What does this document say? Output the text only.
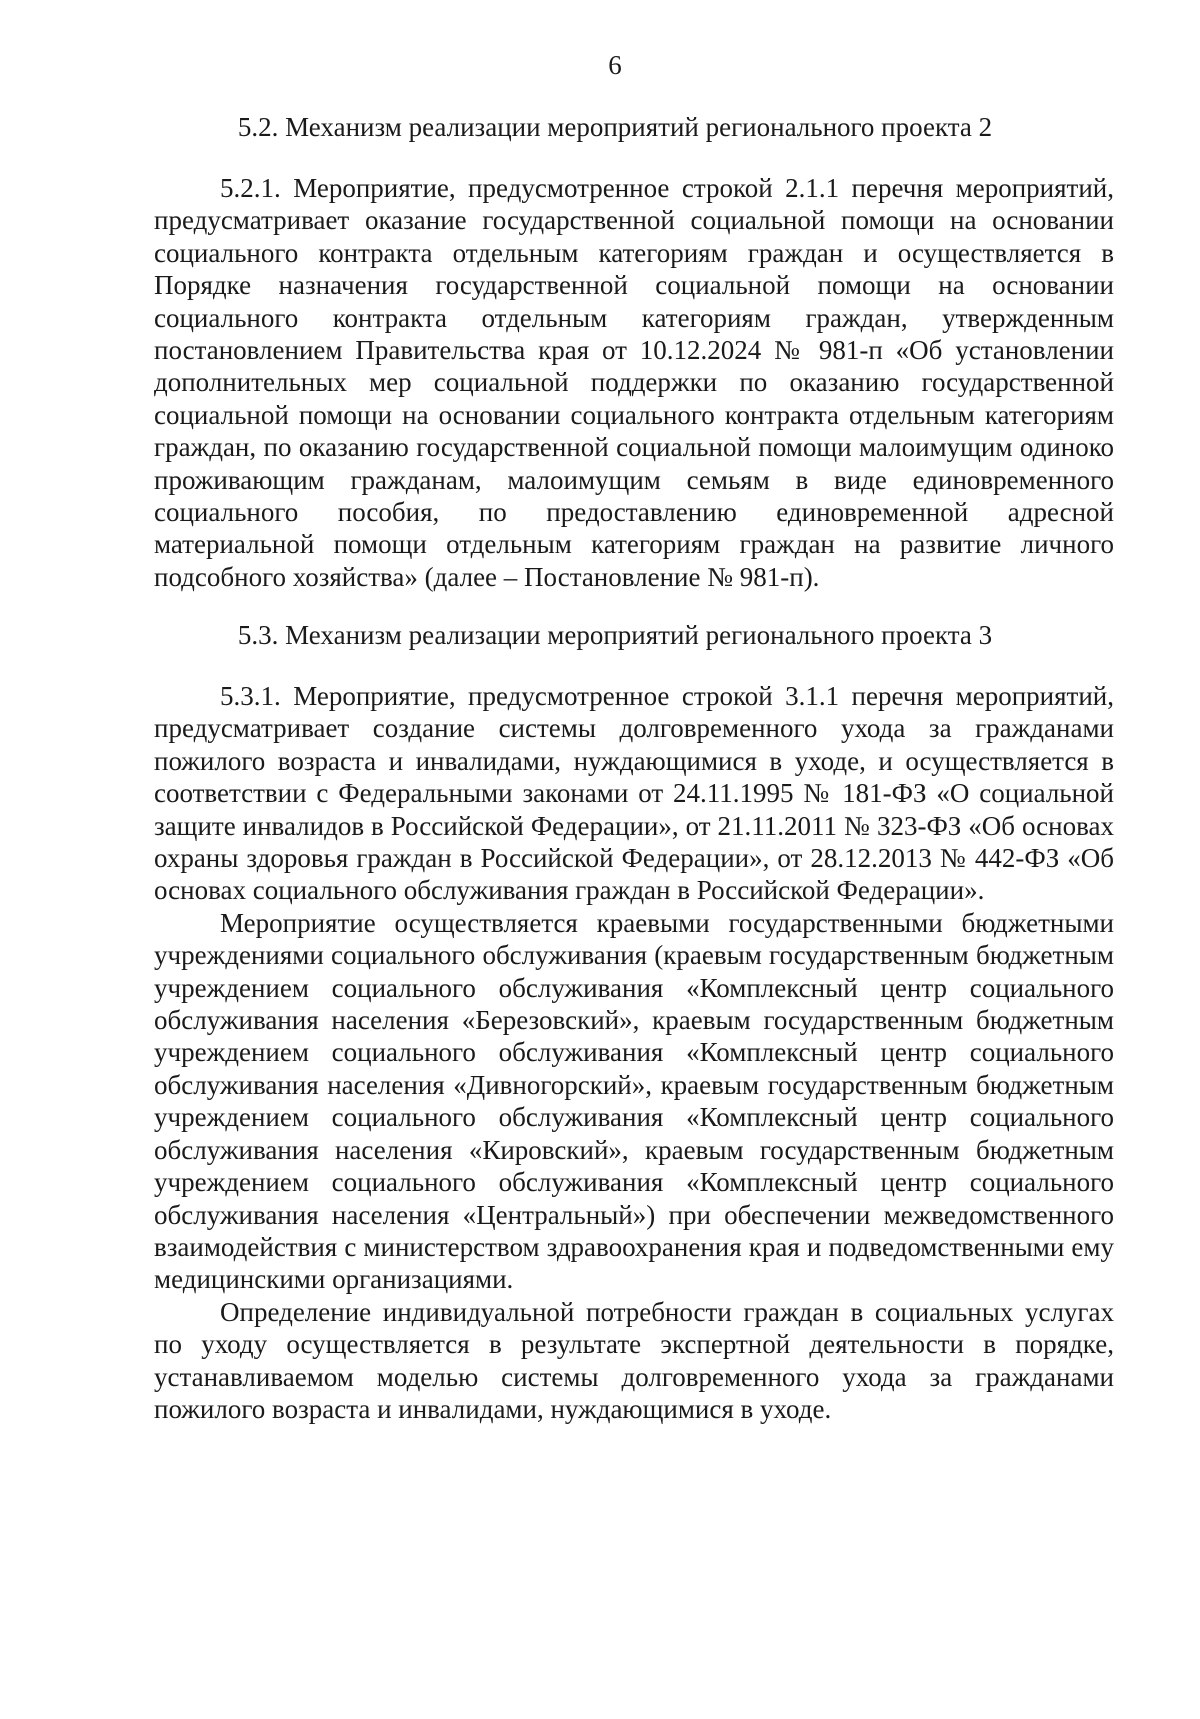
6
5.2. Механизм реализации мероприятий регионального проекта 2

5.2.1. Мероприятие, предусмотренное строкой 2.1.1 перечня мероприятий, предусматривает оказание государственной социальной помощи на основании социального контракта отдельным категориям граждан и осуществляется в Порядке назначения государственной социальной помощи на основании социального контракта отдельным категориям граждан, утвержденным постановлением Правительства края от 10.12.2024 № 981-п «Об установлении дополнительных мер социальной поддержки по оказанию государственной социальной помощи на основании социального контракта отдельным категориям граждан, по оказанию государственной социальной помощи малоимущим одиноко проживающим гражданам, малоимущим семьям в виде единовременного социального пособия, по предоставлению единовременной адресной материальной помощи отдельным категориям граждан на развитие личного подсобного хозяйства» (далее – Постановление № 981-п).

5.3. Механизм реализации мероприятий регионального проекта 3

5.3.1. Мероприятие, предусмотренное строкой 3.1.1 перечня мероприятий, предусматривает создание системы долговременного ухода за гражданами пожилого возраста и инвалидами, нуждающимися в уходе, и осуществляется в соответствии с Федеральными законами от 24.11.1995 № 181-ФЗ «О социальной защите инвалидов в Российской Федерации», от 21.11.2011 № 323-ФЗ «Об основах охраны здоровья граждан в Российской Федерации», от 28.12.2013 № 442-ФЗ «Об основах социального обслуживания граждан в Российской Федерации».

Мероприятие осуществляется краевыми государственными бюджетными учреждениями социального обслуживания (краевым государственным бюджетным учреждением социального обслуживания «Комплексный центр социального обслуживания населения «Березовский», краевым государственным бюджетным учреждением социального обслуживания «Комплексный центр социального обслуживания населения «Дивногорский», краевым государственным бюджетным учреждением социального обслуживания «Комплексный центр социального обслуживания населения «Кировский», краевым государственным бюджетным учреждением социального обслуживания «Комплексный центр социального обслуживания населения «Центральный») при обеспечении межведомственного взаимодействия с министерством здравоохранения края и подведомственными ему медицинскими организациями.

Определение индивидуальной потребности граждан в социальных услугах по уходу осуществляется в результате экспертной деятельности в порядке, устанавливаемом моделью системы долговременного ухода за гражданами пожилого возраста и инвалидами, нуждающимися в уходе.
